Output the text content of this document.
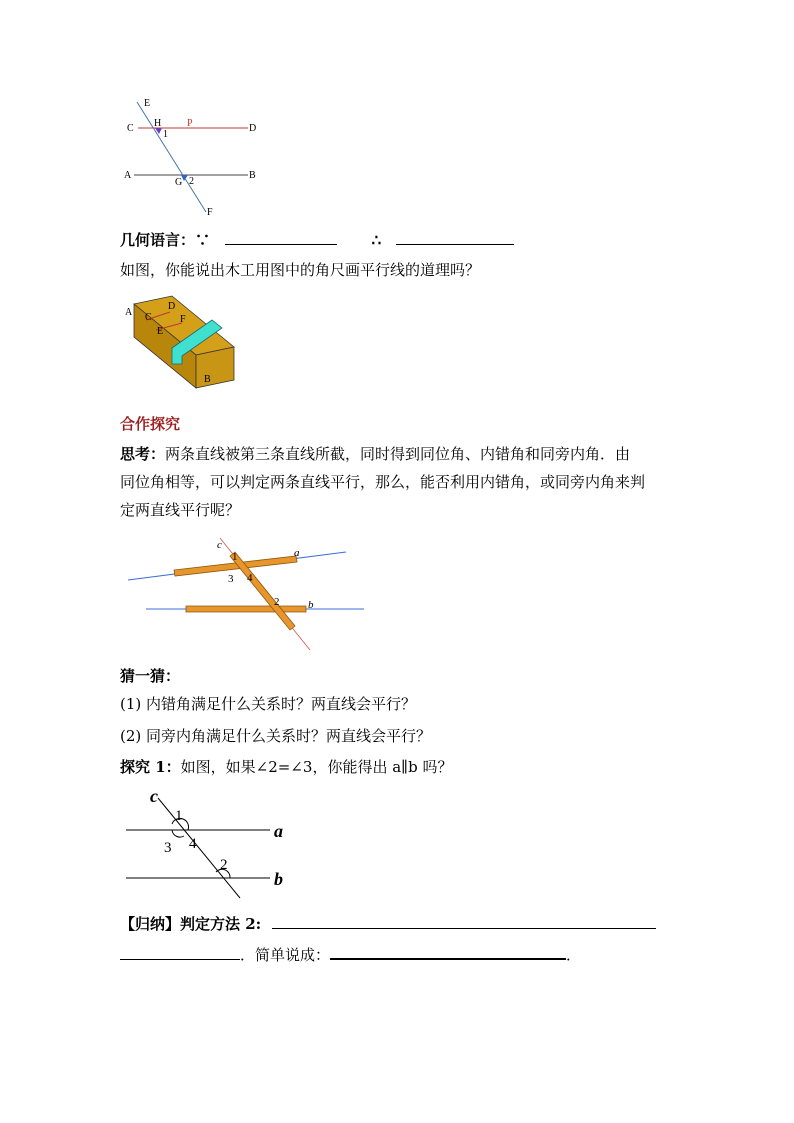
E
H	P
C
1
D
A
G 2
B
F
几何语言：∵	∴
如图，你能说出木工用图中的角尺画平行线的道理吗？
A C
D
E
F
B
合作探究
思考：两条直线被第三条直线所截，同时得到同位角、内错角和同旁内角．由
同位角相等，可以判定两条直线平行，那么，能否利用内错角，或同旁内角来判
定两直线平行呢？
c
1	a
3 4
2	b
猜一猜：
(1) 内错角满足什么关系时？两直线会平行？
(2) 同旁内角满足什么关系时？两直线会平行？
探究 1：如图，如果∠2=∠3，你能得出 a∥b 吗？
c
1
a
3 4
2
b
【归纳】判定方法 2:
．简单说成：	．
